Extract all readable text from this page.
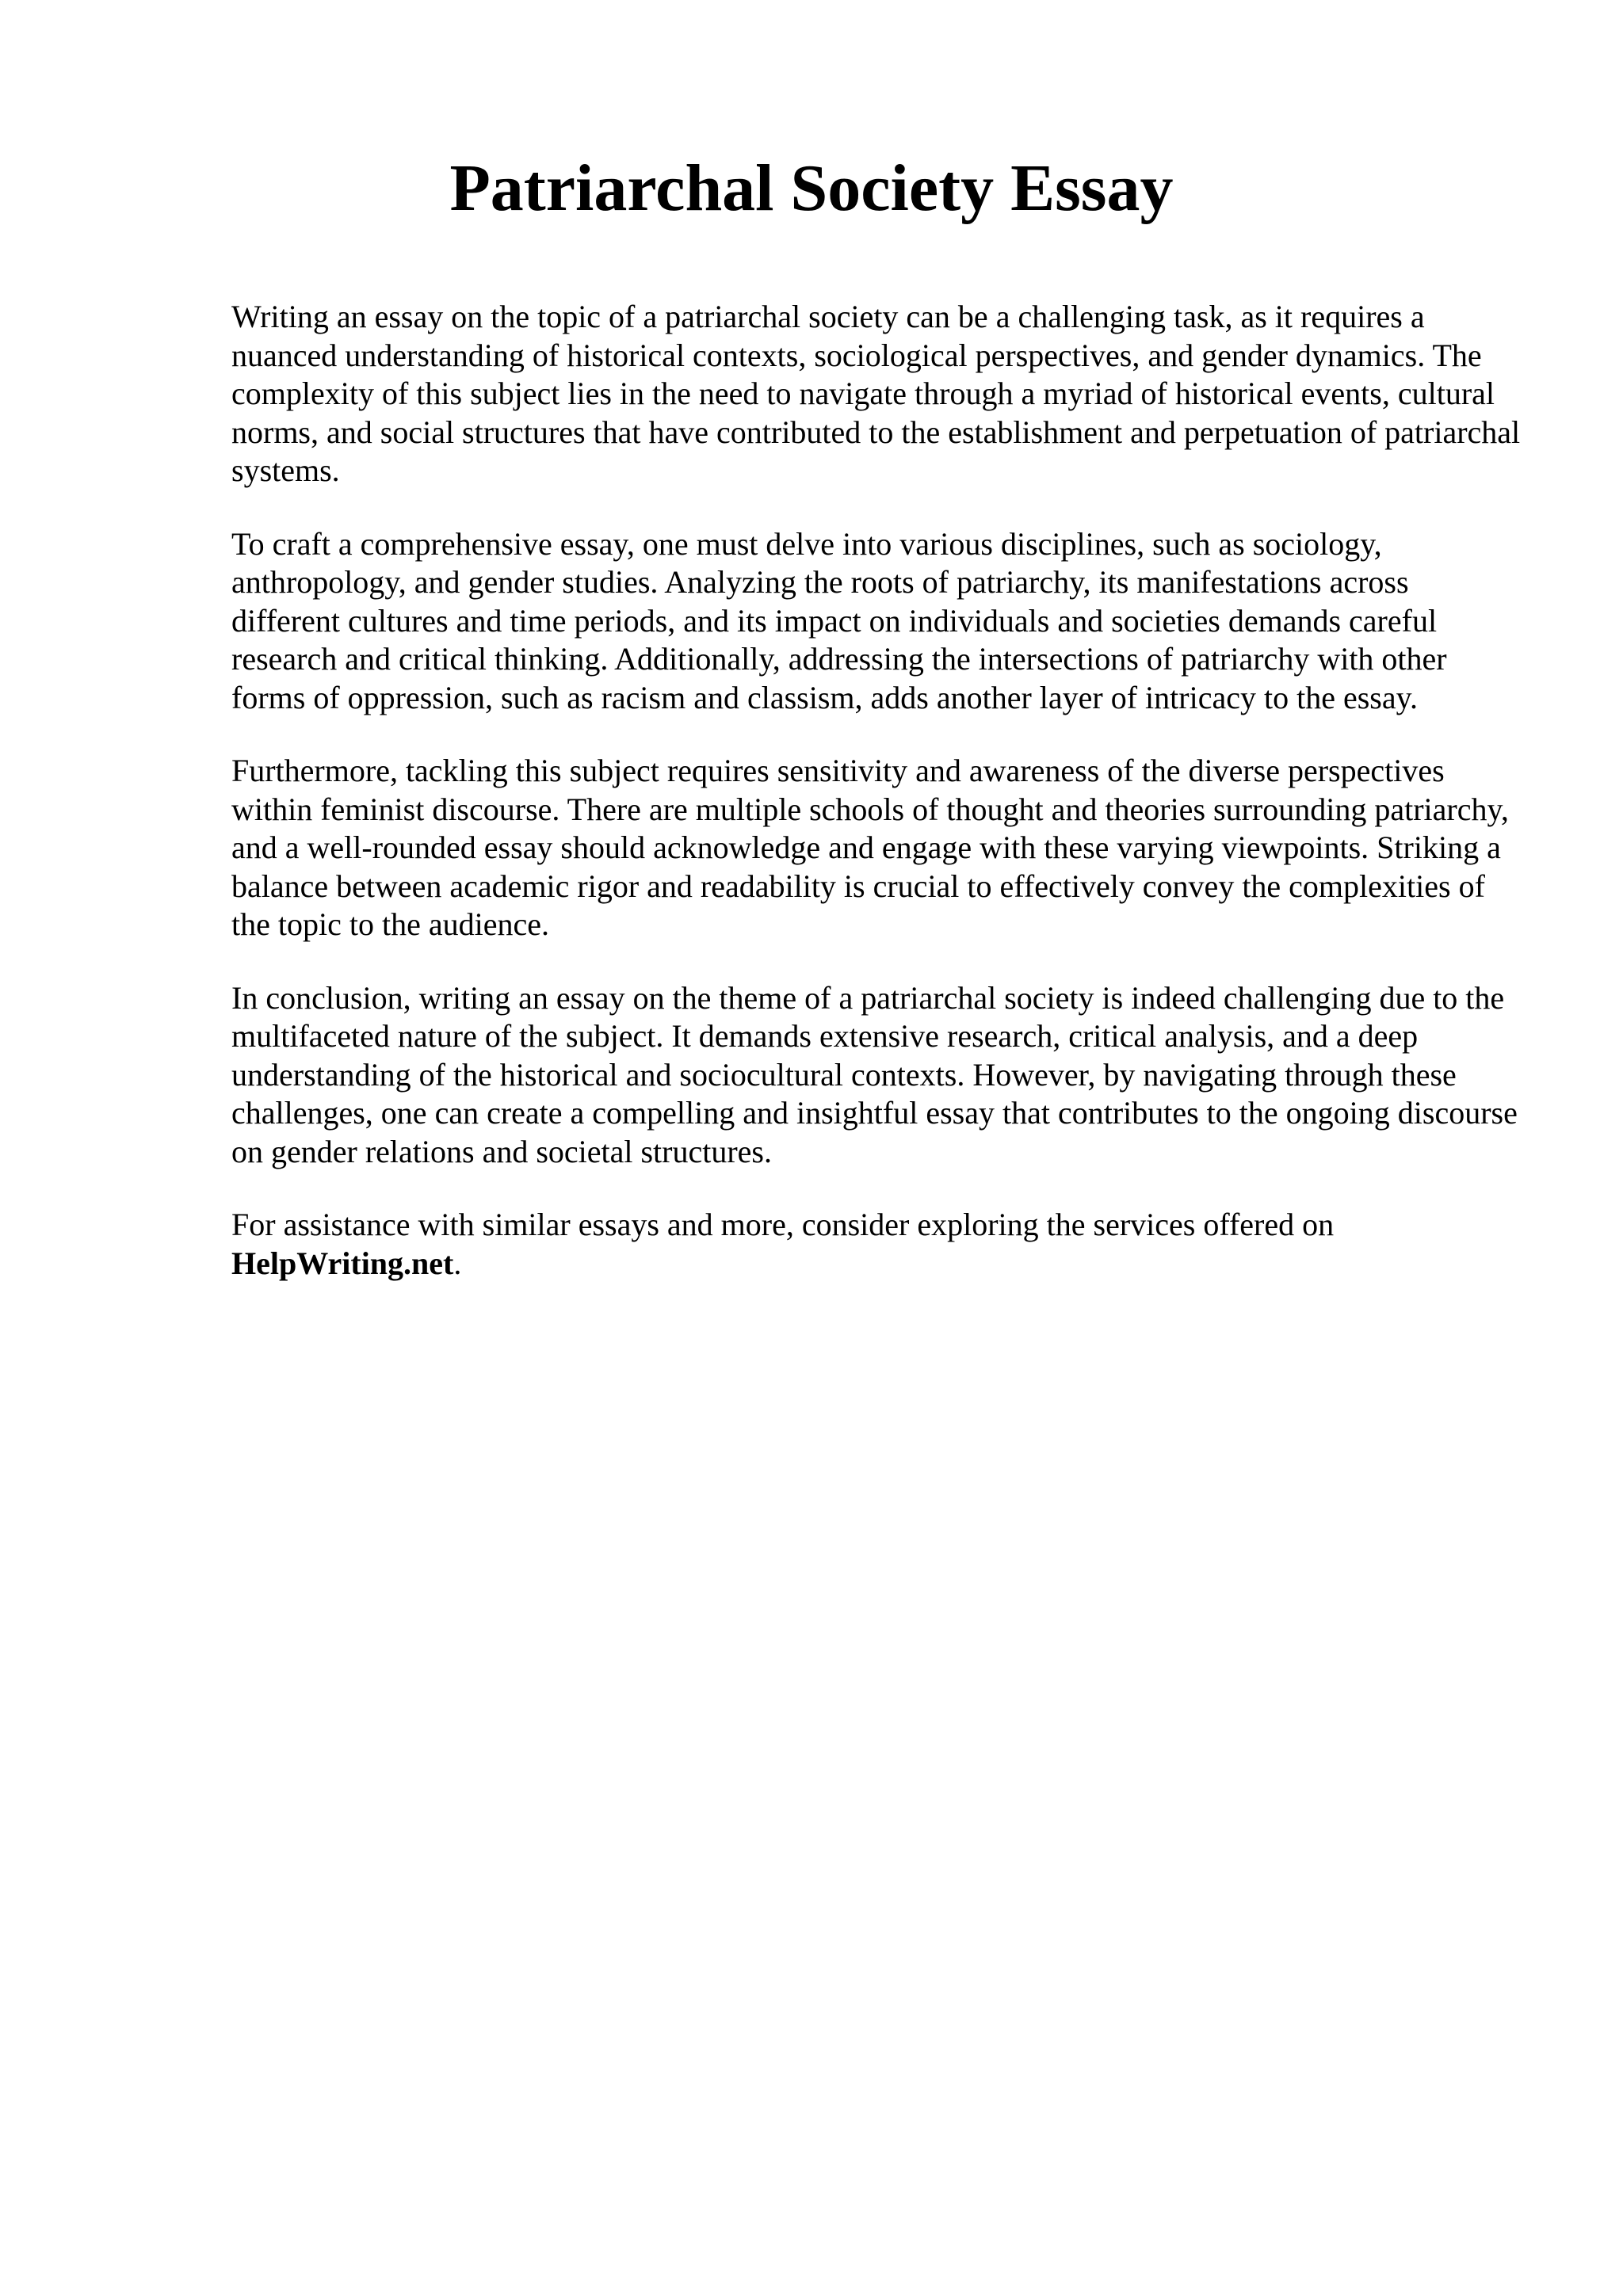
Patriarchal Society Essay

Writing an essay on the topic of a patriarchal society can be a challenging task, as it requires a nuanced understanding of historical contexts, sociological perspectives, and gender dynamics. The complexity of this subject lies in the need to navigate through a myriad of historical events, cultural norms, and social structures that have contributed to the establishment and perpetuation of patriarchal systems.

To craft a comprehensive essay, one must delve into various disciplines, such as sociology, anthropology, and gender studies. Analyzing the roots of patriarchy, its manifestations across different cultures and time periods, and its impact on individuals and societies demands careful research and critical thinking. Additionally, addressing the intersections of patriarchy with other forms of oppression, such as racism and classism, adds another layer of intricacy to the essay.

Furthermore, tackling this subject requires sensitivity and awareness of the diverse perspectives within feminist discourse. There are multiple schools of thought and theories surrounding patriarchy, and a well-rounded essay should acknowledge and engage with these varying viewpoints. Striking a balance between academic rigor and readability is crucial to effectively convey the complexities of the topic to the audience.

In conclusion, writing an essay on the theme of a patriarchal society is indeed challenging due to the multifaceted nature of the subject. It demands extensive research, critical analysis, and a deep understanding of the historical and sociocultural contexts. However, by navigating through these challenges, one can create a compelling and insightful essay that contributes to the ongoing discourse on gender relations and societal structures.

For assistance with similar essays and more, consider exploring the services offered on HelpWriting.net.
